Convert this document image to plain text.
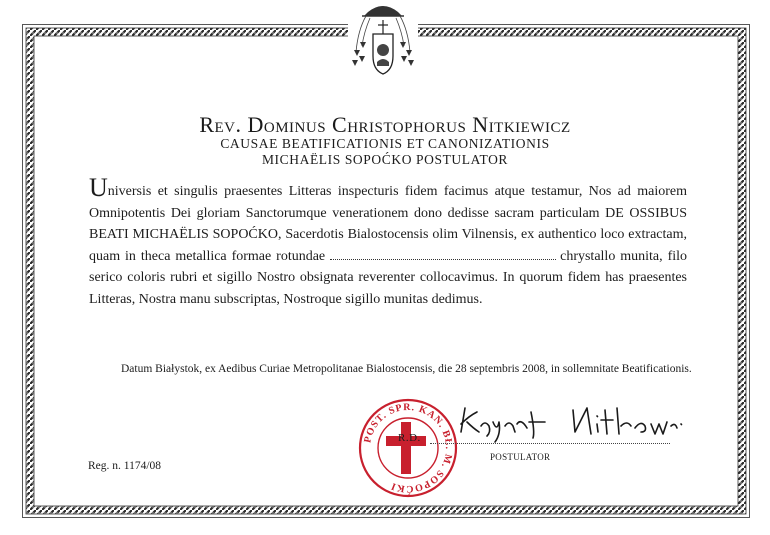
Rev. Dominus Christophorus Nitkiewicz
CAUSAE BEATIFICATIONIS ET CANONIZATIONIS
MICHAËLIS SOPOĆKO POSTULATOR
Universis et singulis praesentes Litteras inspecturis fidem facimus atque testamur, Nos ad maiorem Omnipotentis Dei gloriam Sanctorumque venerationem dono dedisse sacram particulam DE OSSIBUS BEATI MICHAËLIS SOPOĆKO, Sacerdotis Bialostocensis olim Vilnensis, ex authentico loco extractam, quam in theca metallica formae rotundae	chrystallo munita, filo serico coloris rubri et sigillo Nostro obsignata reverenter collocavimus. In quorum fidem has praesentes Litteras, Nostra manu subscriptas, Nostroque sigillo munitas dedimus.
Datum Białystok, ex Aedibus Curiae Metropolitanae Bialostocensis, die 28 septembris 2008, in sollemnitate Beatificationis.
Reg. n. 1174/08
POST. SPR. KAN. BŁ. M. SOPOĆKI
R.D.
POSTULATOR
